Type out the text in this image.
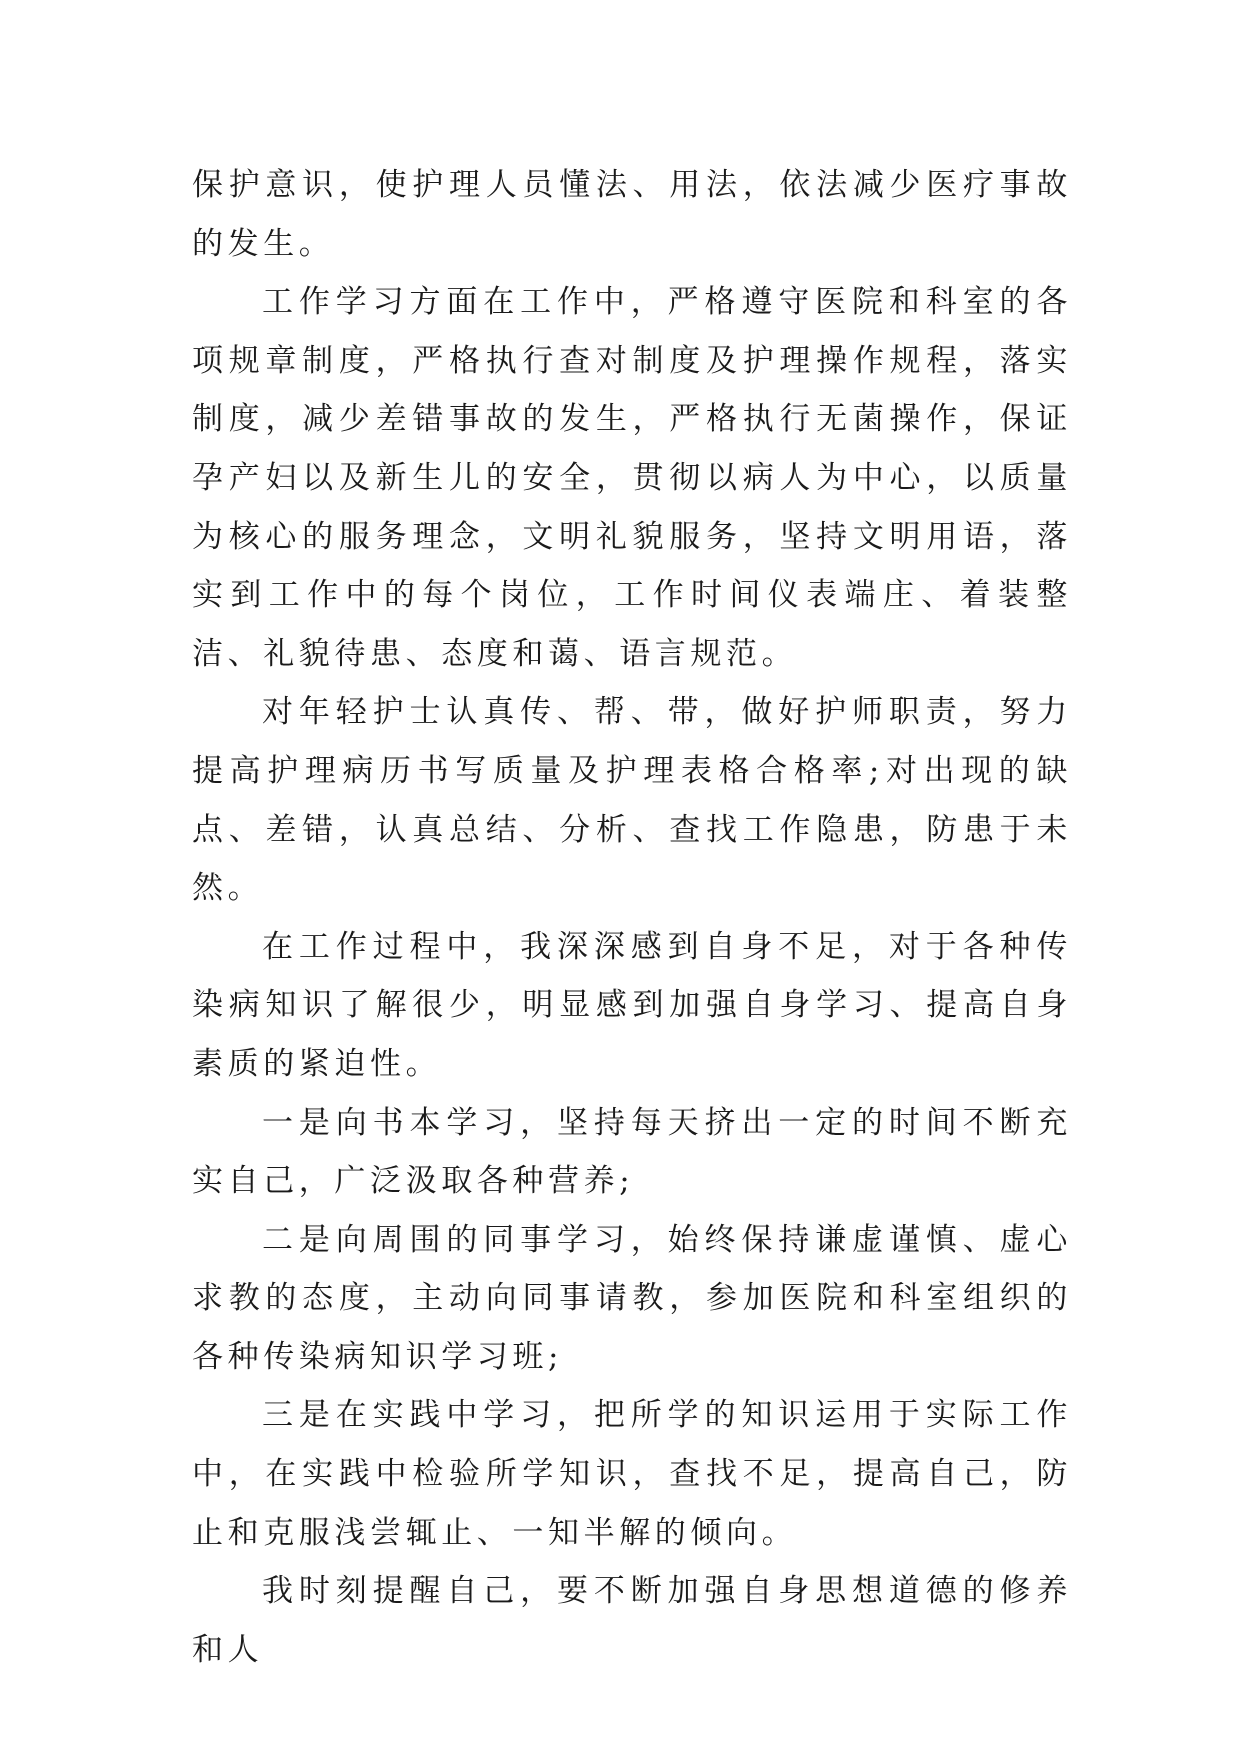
保护意识，使护理人员懂法、用法，依法减少医疗事故的发生。

工作学习方面在工作中，严格遵守医院和科室的各项规章制度，严格执行查对制度及护理操作规程，落实制度，减少差错事故的发生，严格执行无菌操作，保证孕产妇以及新生儿的安全，贯彻以病人为中心，以质量为核心的服务理念，文明礼貌服务，坚持文明用语，落实到工作中的每个岗位，工作时间仪表端庄、着装整洁、礼貌待患、态度和蔼、语言规范。

对年轻护士认真传、帮、带，做好护师职责，努力提高护理病历书写质量及护理表格合格率;对出现的缺点、差错，认真总结、分析、查找工作隐患，防患于未然。

在工作过程中，我深深感到自身不足，对于各种传染病知识了解很少，明显感到加强自身学习、提高自身素质的紧迫性。

一是向书本学习，坚持每天挤出一定的时间不断充实自己，广泛汲取各种营养;

二是向周围的同事学习，始终保持谦虚谨慎、虚心求教的态度，主动向同事请教，参加医院和科室组织的各种传染病知识学习班;

三是在实践中学习，把所学的知识运用于实际工作中，在实践中检验所学知识，查找不足，提高自己，防止和克服浅尝辄止、一知半解的倾向。

我时刻提醒自己，要不断加强自身思想道德的修养和人
